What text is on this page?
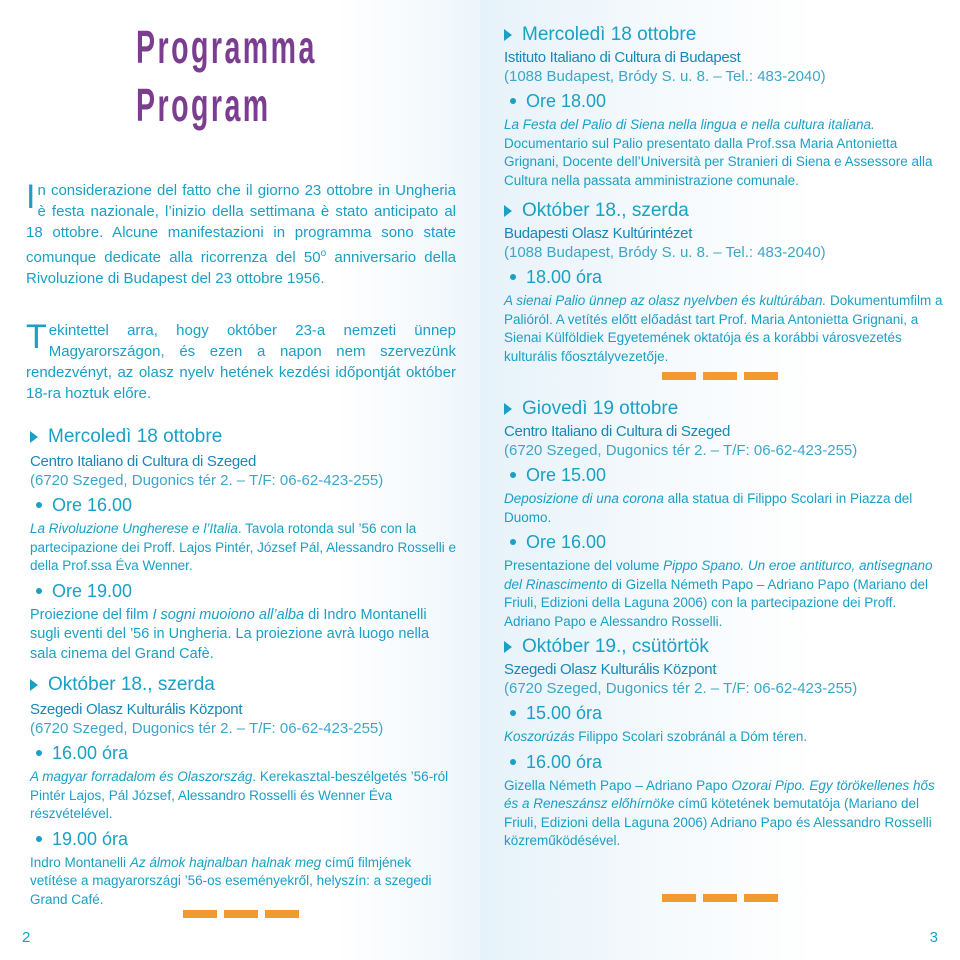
Programma
Program
In considerazione del fatto che il giorno 23 ottobre in Ungheria è festa nazionale, l’inizio della settimana è stato anticipato al 18 ottobre. Alcune manifestazioni in programma sono state comunque dedicate alla ricorrenza del 50$^o$ anniversario della Rivoluzione di Budapest del 23 ottobre 1956.
Tekintettel arra, hogy október 23-a nemzeti ünnep Magyarországon, és ezen a napon nem szervezünk rendezvényt, az olasz nyelv hetének kezdési időpontját október 18-ra hoztuk előre.
Mercoledì 18 ottobre
Centro Italiano di Cultura di Szeged
(6720 Szeged, Dugonics tér 2. – T/F: 06-62-423-255)
Ore 16.00
La Rivoluzione Ungherese e l’Italia. Tavola rotonda sul ’56 con la partecipazione dei Proff. Lajos Pintér, József Pál, Alessandro Rosselli e della Prof.ssa Éva Wenner.
Ore 19.00
Proiezione del film I sogni muoiono all’alba di Indro Montanelli sugli eventi del ’56 in Ungheria. La proiezione avrà luogo nella sala cinema del Grand Cafè.
Október 18., szerda
Szegedi Olasz Kulturális Központ
(6720 Szeged, Dugonics tér 2. – T/F: 06-62-423-255)
16.00 óra
A magyar forradalom és Olaszország. Kerekasztal-beszélgetés ’56-ról Pintér Lajos, Pál József, Alessandro Rosselli és Wenner Éva részvételével.
19.00 óra
Indro Montanelli Az álmok hajnalban halnak meg című filmjének vetítése a magyarországi ’56-os eseményekről, helyszín: a szegedi Grand Café.
2
Mercoledì 18 ottobre
Istituto Italiano di Cultura di Budapest
(1088 Budapest, Bródy S. u. 8. – Tel.: 483-2040)
Ore 18.00
La Festa del Palio di Siena nella lingua e nella cultura italiana. Documentario sul Palio presentato dalla Prof.ssa Maria Antonietta Grignani, Docente dell’Università per Stranieri di Siena e Assessore alla Cultura nella passata amministrazione comunale.
Október 18., szerda
Budapesti Olasz Kultúrintézet
(1088 Budapest, Bródy S. u. 8. – Tel.: 483-2040)
18.00 óra
A sienai Palio ünnep az olasz nyelvben és kultúrában. Dokumentumfilm a Palióról. A vetítés előtt előadást tart Prof. Maria Antonietta Grignani, a Sienai Külföldiek Egyetemének oktatója és a korábbi városvezetés kulturális főosztályvezetője.
Giovedì 19 ottobre
Centro Italiano di Cultura di Szeged
(6720 Szeged, Dugonics tér 2. – T/F: 06-62-423-255)
Ore 15.00
Deposizione di una corona alla statua di Filippo Scolari in Piazza del Duomo.
Ore 16.00
Presentazione del volume Pippo Spano. Un eroe antiturco, antisegnano del Rinascimento di Gizella Németh Papo – Adriano Papo (Mariano del Friuli, Edizioni della Laguna 2006) con la partecipazione dei Proff. Adriano Papo e Alessandro Rosselli.
Október 19., csütörtök
Szegedi Olasz Kulturális Központ
(6720 Szeged, Dugonics tér 2. – T/F: 06-62-423-255)
15.00 óra
Koszorúzás Filippo Scolari szobránál a Dóm téren.
16.00 óra
Gizella Németh Papo – Adriano Papo Ozorai Pipo. Egy törökellenes hős és a Reneszánsz előhírnöke című kötetének bemutatója (Mariano del Friuli, Edizioni della Laguna 2006) Adriano Papo és Alessandro Rosselli közreműködésével.
3
